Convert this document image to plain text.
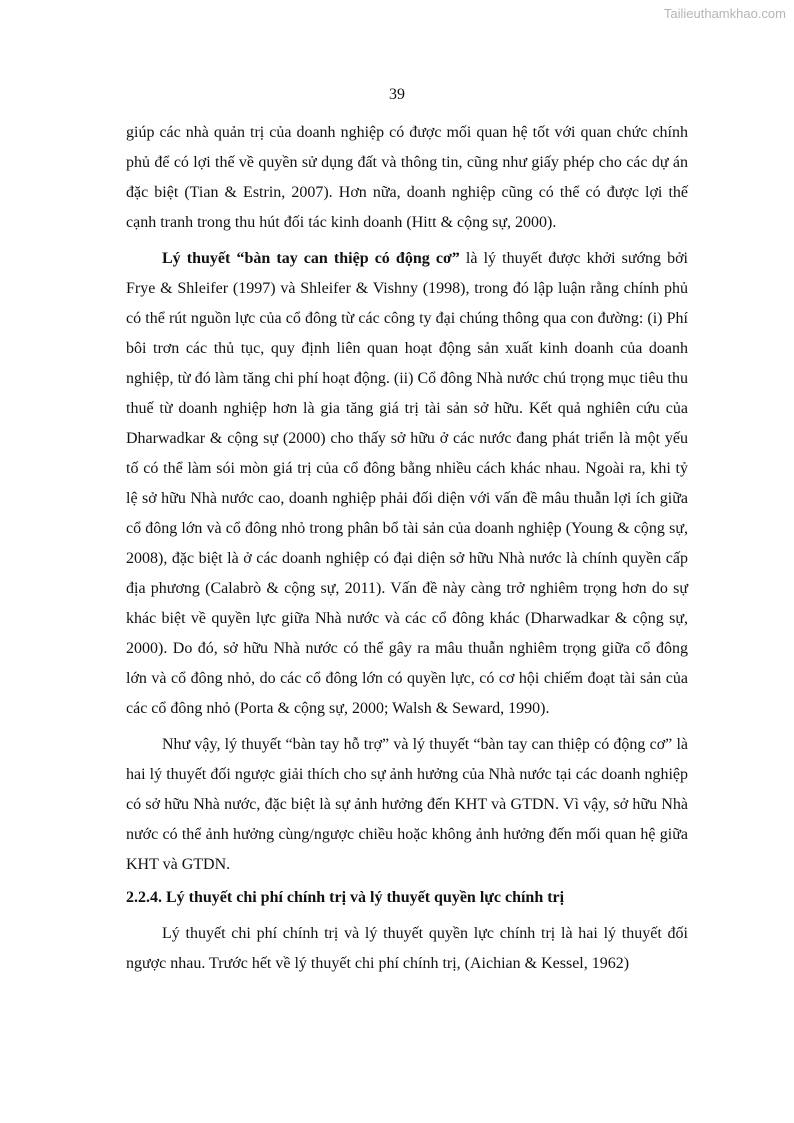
Tailieuthamkhao.com
39

giúp các nhà quản trị của doanh nghiệp có được mối quan hệ tốt với quan chức chính phủ để có lợi thế về quyền sử dụng đất và thông tin, cũng như giấy phép cho các dự án đặc biệt (Tian & Estrin, 2007). Hơn nữa, doanh nghiệp cũng có thể có được lợi thế cạnh tranh trong thu hút đối tác kinh doanh (Hitt & cộng sự, 2000).

Lý thuyết “bàn tay can thiệp có động cơ” là lý thuyết được khởi sướng bởi Frye & Shleifer (1997) và Shleifer & Vishny (1998), trong đó lập luận rằng chính phủ có thể rút nguồn lực của cổ đông từ các công ty đại chúng thông qua con đường: (i) Phí bôi trơn các thủ tục, quy định liên quan hoạt động sản xuất kinh doanh của doanh nghiệp, từ đó làm tăng chi phí hoạt động. (ii) Cổ đông Nhà nước chú trọng mục tiêu thu thuế từ doanh nghiệp hơn là gia tăng giá trị tài sản sở hữu. Kết quả nghiên cứu của Dharwadkar & cộng sự (2000) cho thấy sở hữu ở các nước đang phát triển là một yếu tố có thể làm sói mòn giá trị của cổ đông bằng nhiều cách khác nhau. Ngoài ra, khi tỷ lệ sở hữu Nhà nước cao, doanh nghiệp phải đối diện với vấn đề mâu thuẫn lợi ích giữa cổ đông lớn và cổ đông nhỏ trong phân bổ tài sản của doanh nghiệp (Young & cộng sự, 2008), đặc biệt là ở các doanh nghiệp có đại diện sở hữu Nhà nước là chính quyền cấp địa phương (Calabrò & cộng sự, 2011). Vấn đề này càng trở nghiêm trọng hơn do sự khác biệt về quyền lực giữa Nhà nước và các cổ đông khác (Dharwadkar & cộng sự, 2000). Do đó, sở hữu Nhà nước có thể gây ra mâu thuẫn nghiêm trọng giữa cổ đông lớn và cổ đông nhỏ, do các cổ đông lớn có quyền lực, có cơ hội chiếm đoạt tài sản của các cổ đông nhỏ (Porta & cộng sự, 2000; Walsh & Seward, 1990).

Như vậy, lý thuyết “bàn tay hỗ trợ” và lý thuyết “bàn tay can thiệp có động cơ” là hai lý thuyết đối ngược giải thích cho sự ảnh hưởng của Nhà nước tại các doanh nghiệp có sở hữu Nhà nước, đặc biệt là sự ảnh hưởng đến KHT và GTDN. Vì vậy, sở hữu Nhà nước có thể ảnh hưởng cùng/ngược chiều hoặc không ảnh hưởng đến mối quan hệ giữa KHT và GTDN.

2.2.4. Lý thuyết chi phí chính trị và lý thuyết quyền lực chính trị

Lý thuyết chi phí chính trị và lý thuyết quyền lực chính trị là hai lý thuyết đối ngược nhau. Trước hết về lý thuyết chi phí chính trị, (Aichian & Kessel, 1962)
